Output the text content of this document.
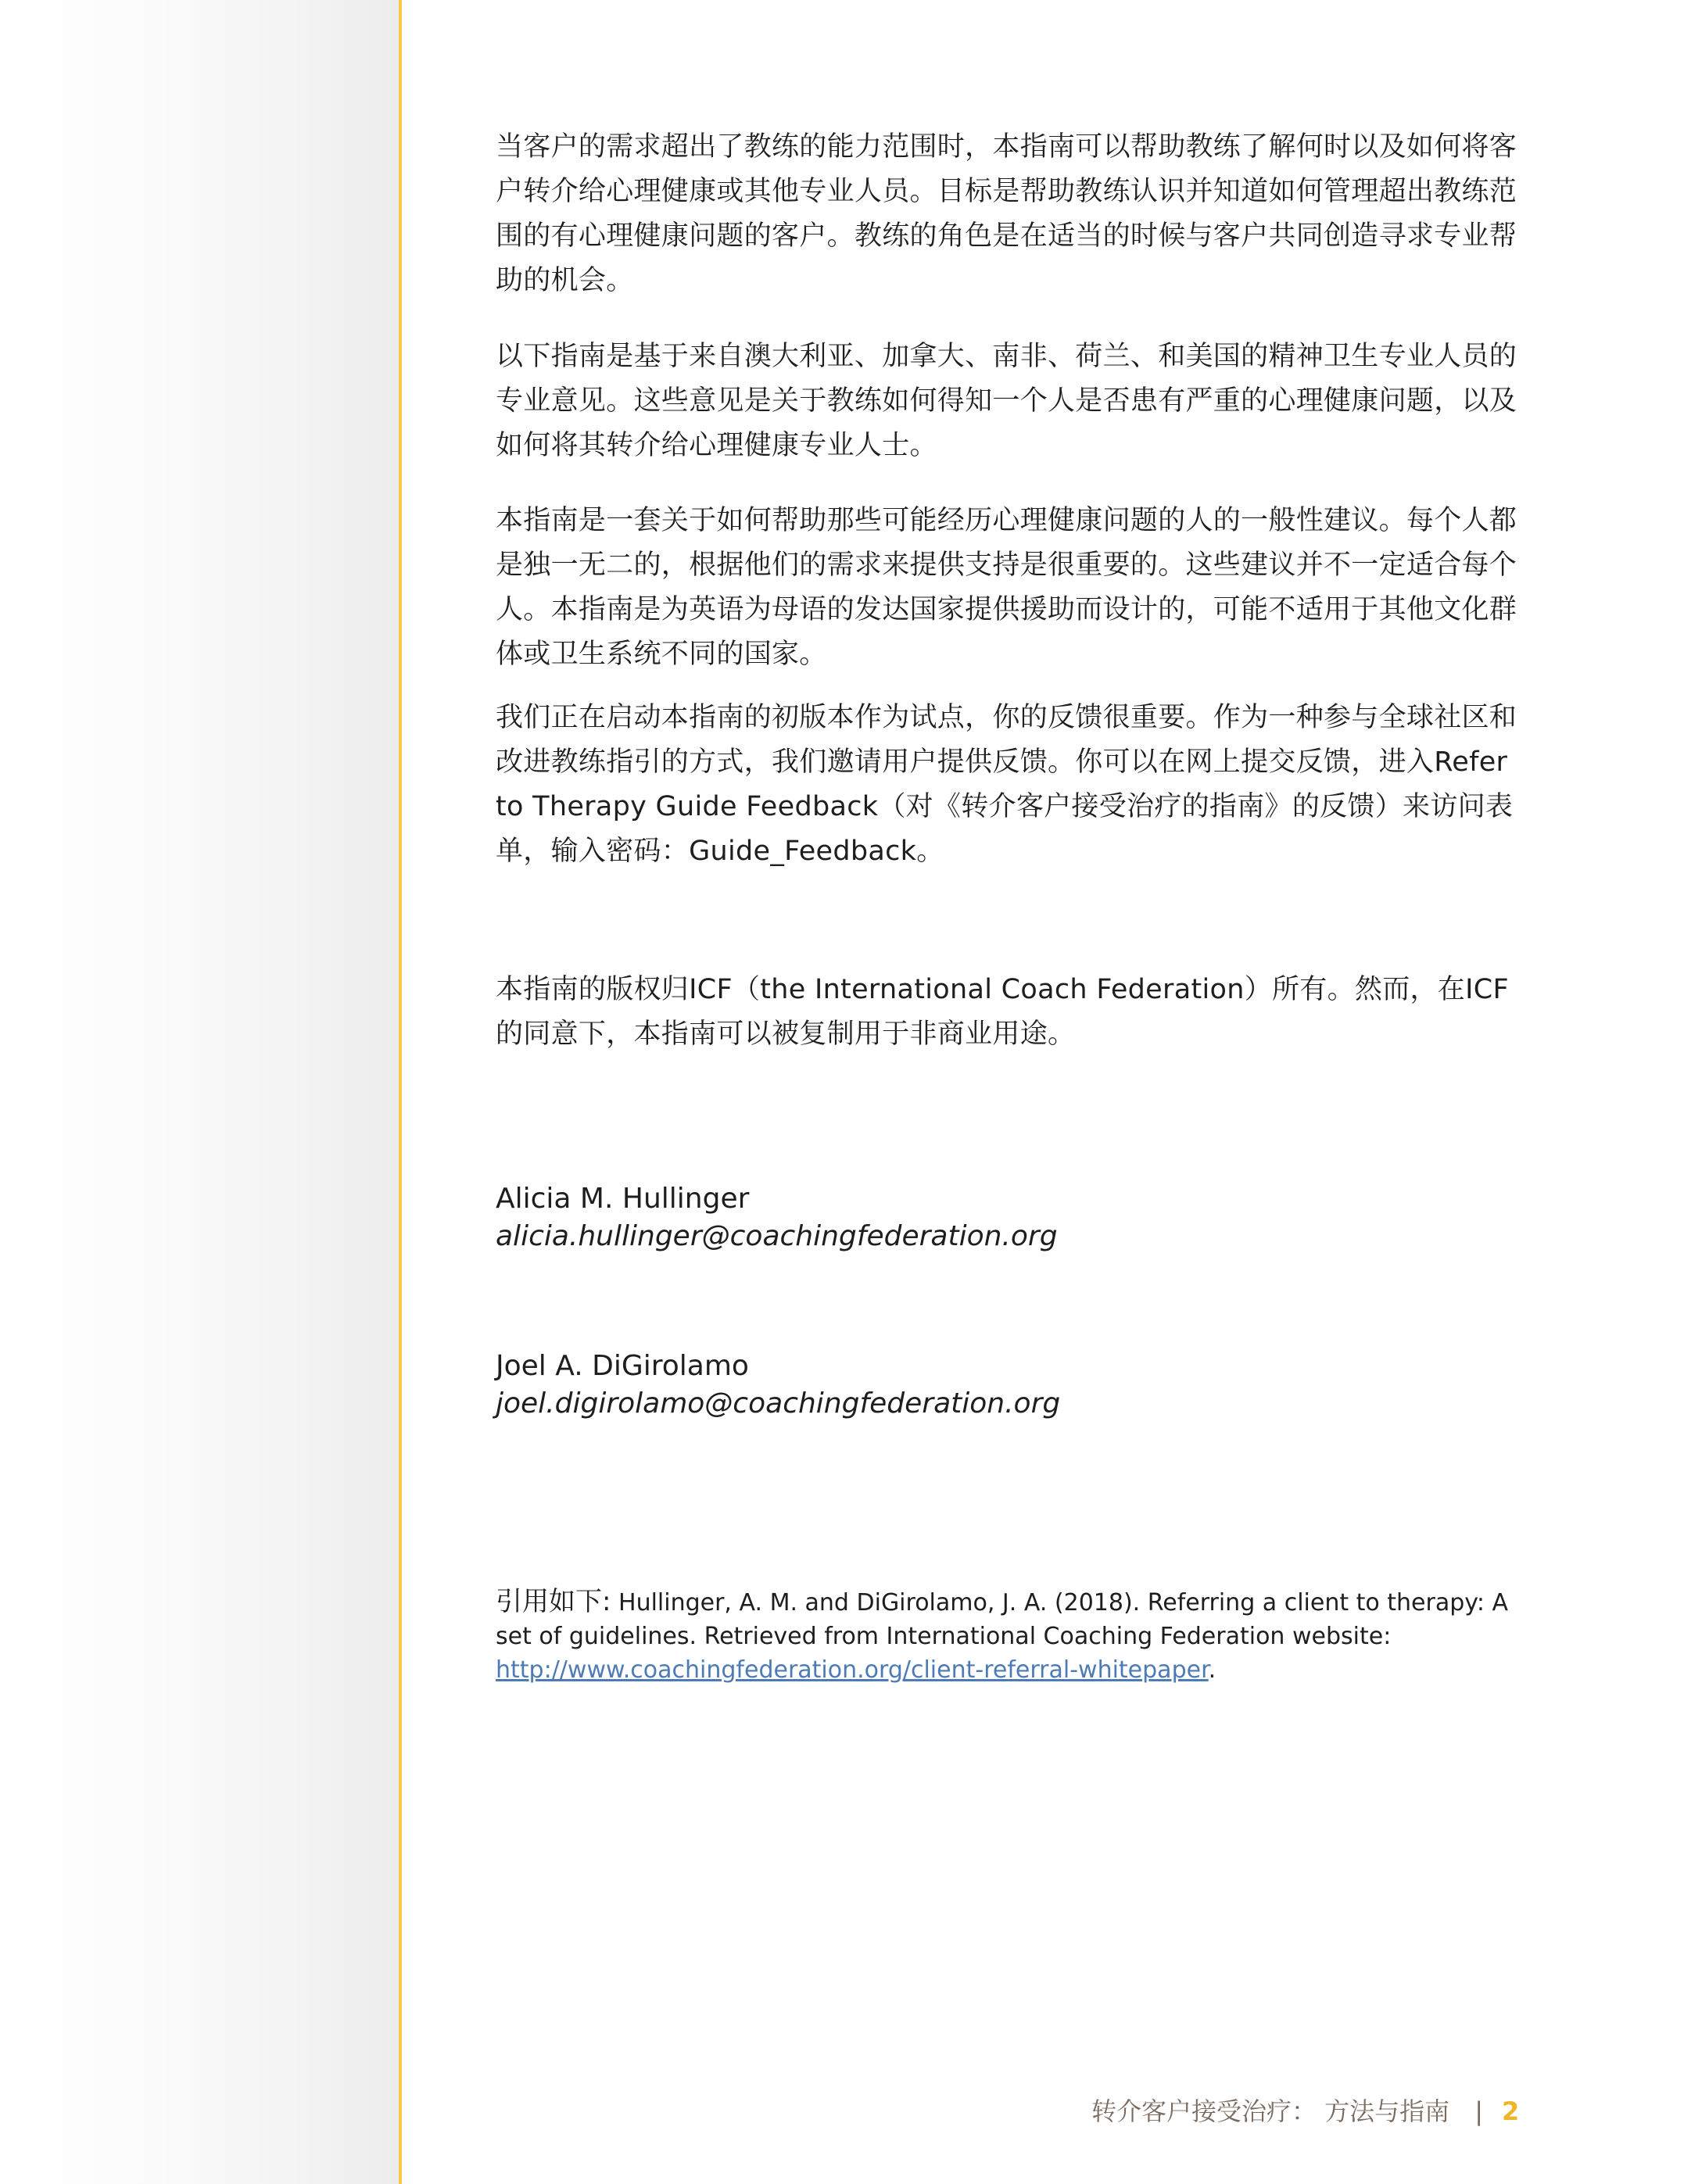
当客户的需求超出了教练的能力范围时，本指南可以帮助教练了解何时以及如何将客户转介给心理健康或其他专业人员。目标是帮助教练认识并知道如何管理超出教练范围的有心理健康问题的客户。教练的角色是在适当的时候与客户共同创造寻求专业帮助的机会。

以下指南是基于来自澳大利亚、加拿大、南非、荷兰、和美国的精神卫生专业人员的专业意见。这些意见是关于教练如何得知一个人是否患有严重的心理健康问题，以及如何将其转介给心理健康专业人士。

本指南是一套关于如何帮助那些可能经历心理健康问题的人的一般性建议。每个人都是独一无二的，根据他们的需求来提供支持是很重要的。这些建议并不一定适合每个人。本指南是为英语为母语的发达国家提供援助而设计的，可能不适用于其他文化群体或卫生系统不同的国家。

我们正在启动本指南的初版本作为试点，你的反馈很重要。作为一种参与全球社区和改进教练指引的方式，我们邀请用户提供反馈。你可以在网上提交反馈，进入Refer to Therapy Guide Feedback（对《转介客户接受治疗的指南》的反馈）来访问表单，输入密码：Guide_Feedback。

本指南的版权归ICF（the International Coach Federation）所有。然而，在ICF的同意下，本指南可以被复制用于非商业用途。

Alicia M. Hullinger

alicia.hullinger@coachingfederation.org

Joel A. DiGirolamo

joel.digirolamo@coachingfederation.org

引用如下: Hullinger, A. M. and DiGirolamo, J. A. (2018). Referring a client to therapy: A set of guidelines. Retrieved from International Coaching Federation website: http://www.coachingfederation.org/client-referral-whitepaper.

转介客户接受治疗： 方法与指南 | 2
